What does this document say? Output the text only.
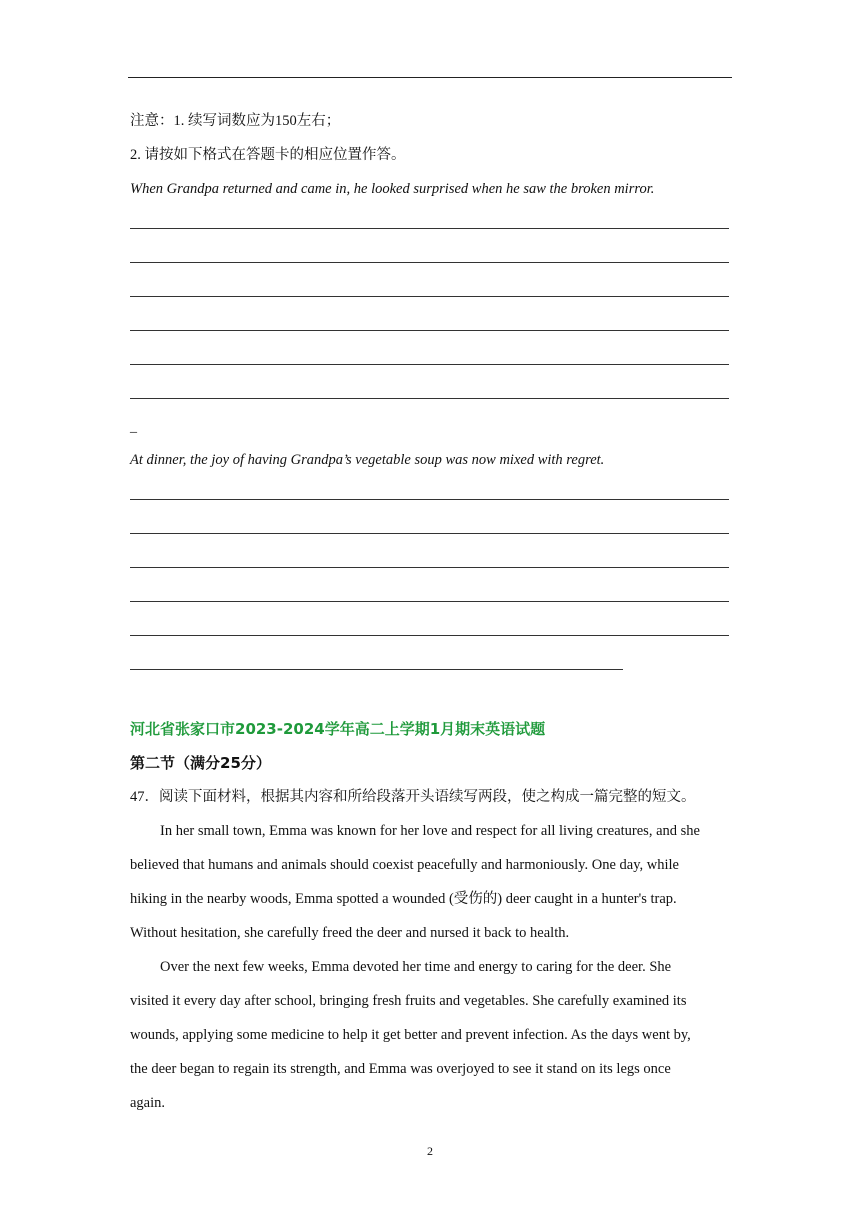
注意：1. 续写词数应为150左右；
2. 请按如下格式在答题卡的相应位置作答。
When Grandpa returned and came in, he looked surprised when he saw the broken mirror.
_
At dinner, the joy of having Grandpa’s vegetable soup was now mixed with regret.
河北省张家口市2023-2024学年高二上学期1月期末英语试题
第二节（满分25分）
47．阅读下面材料，根据其内容和所给段落开头语续写两段，使之构成一篇完整的短文。
In her small town, Emma was known for her love and respect for all living creatures, and she
believed that humans and animals should coexist peacefully and harmoniously. One day, while
hiking in the nearby woods, Emma spotted a wounded (受伤的) deer caught in a hunter's trap.
Without hesitation, she carefully freed the deer and nursed it back to health.
Over the next few weeks, Emma devoted her time and energy to caring for the deer. She
visited it every day after school, bringing fresh fruits and vegetables. She carefully examined its
wounds, applying some medicine to help it get better and prevent infection. As the days went by,
the deer began to regain its strength, and Emma was overjoyed to see it stand on its legs once
again.
2
